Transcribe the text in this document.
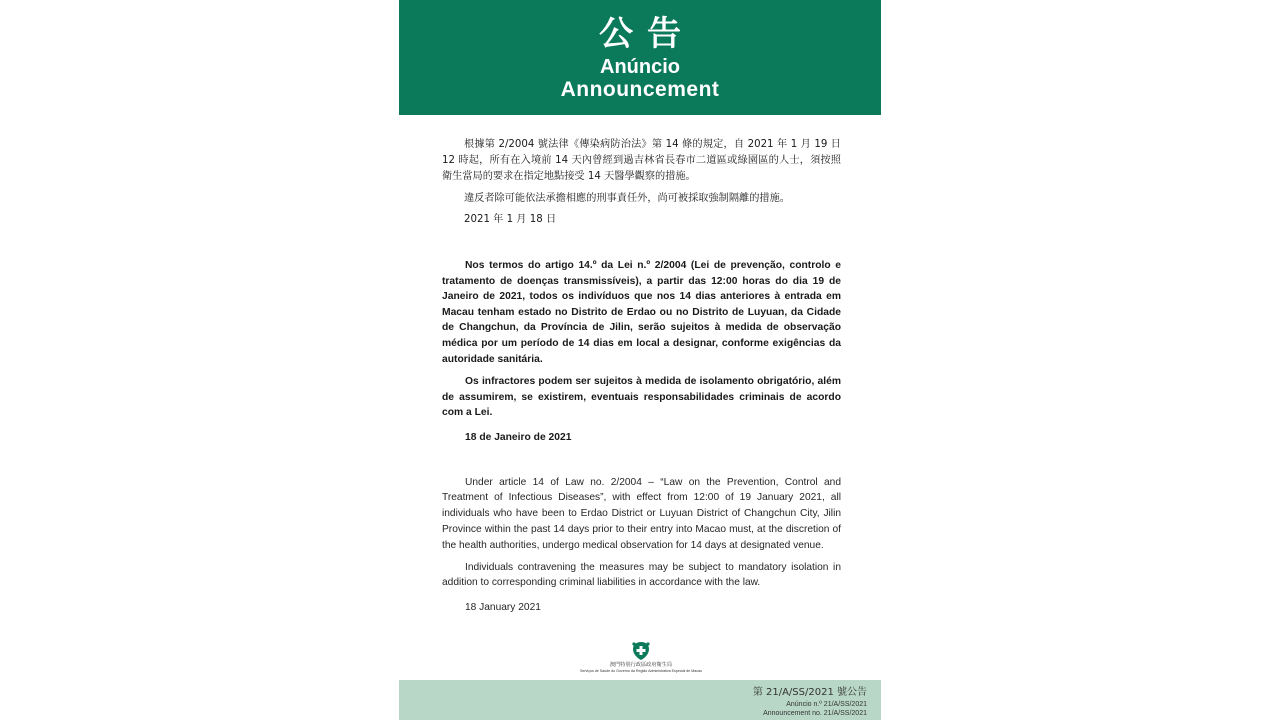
公告
Anúncio
Announcement

根據第 2/2004 號法律《傳染病防治法》第 14 條的規定，自 2021 年 1 月 19 日 12 時起，所有在入境前 14 天內曾經到過吉林省長春市二道區或綠園區的人士，須按照衛生當局的要求在指定地點接受 14 天醫學觀察的措施。

違反者除可能依法承擔相應的刑事責任外，尚可被採取強制隔離的措施。

2021 年 1 月 18 日

Nos termos do artigo 14.º da Lei n.º 2/2004 (Lei de prevenção, controlo e tratamento de doenças transmissíveis), a partir das 12:00 horas do dia 19 de Janeiro de 2021, todos os indivíduos que nos 14 dias anteriores à entrada em Macau tenham estado no Distrito de Erdao ou no Distrito de Luyuan, da Cidade de Changchun, da Província de Jilin, serão sujeitos à medida de observação médica por um período de 14 dias em local a designar, conforme exigências da autoridade sanitária.

Os infractores podem ser sujeitos à medida de isolamento obrigatório, além de assumirem, se existirem, eventuais responsabilidades criminais de acordo com a Lei.

18 de Janeiro de 2021

Under article 14 of Law no. 2/2004 – “Law on the Prevention, Control and Treatment of Infectious Diseases”, with effect from 12:00 of 19 January 2021, all individuals who have been to Erdao District or Luyuan District of Changchun City, Jilin Province within the past 14 days prior to their entry into Macao must, at the discretion of the health authorities, undergo medical observation for 14 days at designated venue.

Individuals contravening the measures may be subject to mandatory isolation in addition to corresponding criminal liabilities in accordance with the law.

18 January 2021

澳門特別行政區政府衛生局
Serviços de Saúde do Governo da Região Administrativa Especial de Macau
第 21/A/SS/2021 號公告
Anúncio n.º 21/A/SS/2021
Announcement no. 21/A/SS/2021
